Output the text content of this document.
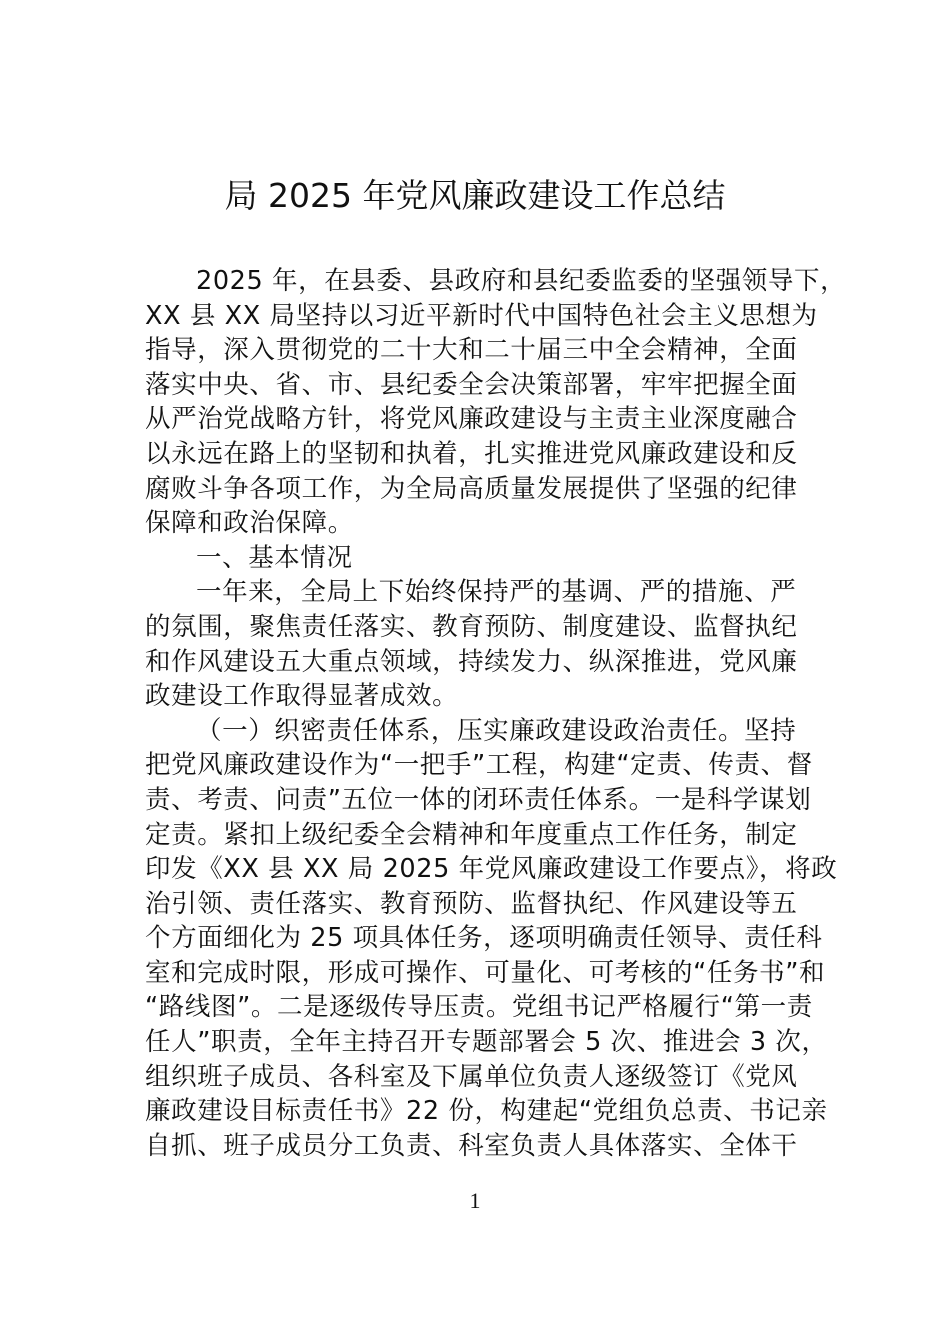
局 2025 年党风廉政建设工作总结
2025 年，在县委、县政府和县纪委监委的坚强领导下，
XX 县 XX 局坚持以习近平新时代中国特色社会主义思想为
指导，深入贯彻党的二十大和二十届三中全会精神，全面
落实中央、省、市、县纪委全会决策部署，牢牢把握全面
从严治党战略方针，将党风廉政建设与主责主业深度融合
以永远在路上的坚韧和执着，扎实推进党风廉政建设和反
腐败斗争各项工作，为全局高质量发展提供了坚强的纪律
保障和政治保障。
一、基本情况
一年来，全局上下始终保持严的基调、严的措施、严
的氛围，聚焦责任落实、教育预防、制度建设、监督执纪
和作风建设五大重点领域，持续发力、纵深推进，党风廉
政建设工作取得显著成效。
（一）织密责任体系，压实廉政建设政治责任。坚持
把党风廉政建设作为“一把手”工程，构建“定责、传责、督
责、考责、问责”五位一体的闭环责任体系。一是科学谋划
定责。紧扣上级纪委全会精神和年度重点工作任务，制定
印发《XX 县 XX 局 2025 年党风廉政建设工作要点》，将政
治引领、责任落实、教育预防、监督执纪、作风建设等五
个方面细化为 25 项具体任务，逐项明确责任领导、责任科
室和完成时限，形成可操作、可量化、可考核的“任务书”和
“路线图”。二是逐级传导压责。党组书记严格履行“第一责
任人”职责，全年主持召开专题部署会 5 次、推进会 3 次，
组织班子成员、各科室及下属单位负责人逐级签订《党风
廉政建设目标责任书》22 份，构建起“党组负总责、书记亲
自抓、班子成员分工负责、科室负责人具体落实、全体干
1
